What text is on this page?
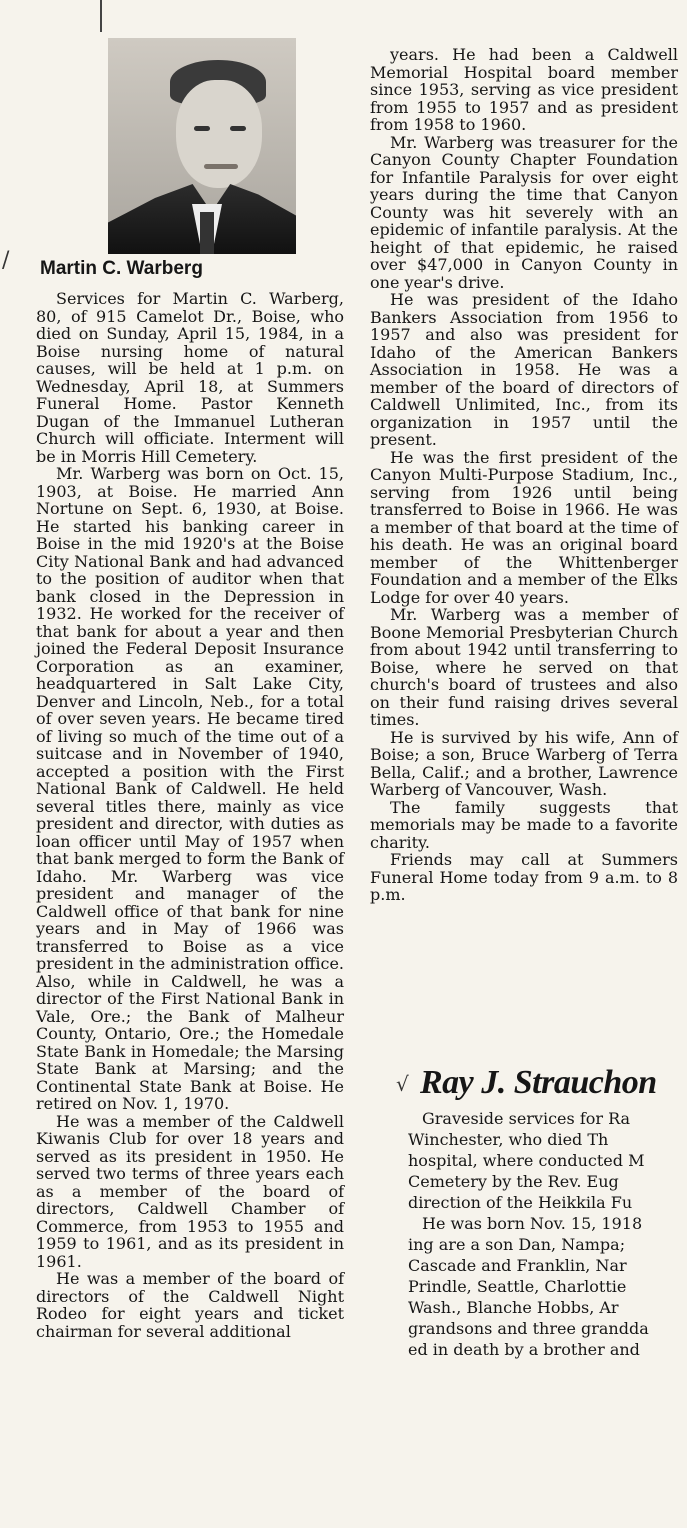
/ Martin C. Warberg

Services for Martin C. Warberg, 80, of 915 Camelot Dr., Boise, who died on Sunday, April 15, 1984, in a Boise nursing home of natural causes, will be held at 1 p.m. on Wednesday, April 18, at Summers Funeral Home. Pastor Kenneth Dugan of the Immanuel Lutheran Church will officiate. Interment will be in Morris Hill Cemetery.

Mr. Warberg was born on Oct. 15, 1903, at Boise. He married Ann Nortune on Sept. 6, 1930, at Boise. He started his banking career in Boise in the mid 1920's at the Boise City National Bank and had advanced to the position of auditor when that bank closed in the Depression in 1932. He worked for the receiver of that bank for about a year and then joined the Federal Deposit Insurance Corporation as an examiner, headquartered in Salt Lake City, Denver and Lincoln, Neb., for a total of over seven years. He became tired of living so much of the time out of a suitcase and in November of 1940, accepted a position with the First National Bank of Caldwell. He held several titles there, mainly as vice president and director, with duties as loan officer until May of 1957 when that bank merged to form the Bank of Idaho. Mr. Warberg was vice president and manager of the Caldwell office of that bank for nine years and in May of 1966 was transferred to Boise as a vice president in the administration office. Also, while in Caldwell, he was a director of the First National Bank in Vale, Ore.; the Bank of Malheur County, Ontario, Ore.; the Homedale State Bank in Homedale; the Marsing State Bank at Marsing; and the Continental State Bank at Boise. He retired on Nov. 1, 1970.

He was a member of the Caldwell Kiwanis Club for over 18 years and served as its president in 1950. He served two terms of three years each as a member of the board of directors, Caldwell Chamber of Commerce, from 1953 to 1955 and 1959 to 1961, and as its president in 1961.

He was a member of the board of directors of the Caldwell Night Rodeo for eight years and ticket chairman for several additional

years. He had been a Caldwell Memorial Hospital board member since 1953, serving as vice president from 1955 to 1957 and as president from 1958 to 1960.

Mr. Warberg was treasurer for the Canyon County Chapter Foundation for Infantile Paralysis for over eight years during the time that Canyon County was hit severely with an epidemic of infantile paralysis. At the height of that epidemic, he raised over $47,000 in Canyon County in one year's drive.

He was president of the Idaho Bankers Association from 1956 to 1957 and also was president for Idaho of the American Bankers Association in 1958. He was a member of the board of directors of Caldwell Unlimited, Inc., from its organization in 1957 until the present.

He was the first president of the Canyon Multi-Purpose Stadium, Inc., serving from 1926 until being transferred to Boise in 1966. He was a member of that board at the time of his death. He was an original board member of the Whittenberger Foundation and a member of the Elks Lodge for over 40 years.

Mr. Warberg was a member of Boone Memorial Presbyterian Church from about 1942 until transferring to Boise, where he served on that church's board of trustees and also on their fund raising drives several times.

He is survived by his wife, Ann of Boise; a son, Bruce Warberg of Terra Bella, Calif.; and a brother, Lawrence Warberg of Vancouver, Wash.

The family suggests that memorials may be made to a favorite charity.

Friends may call at Summers Funeral Home today from 9 a.m. to 8 p.m.

√ Ray J. Strauchon
Graveside services for Ra
Winchester, who died Th
hospital, where conducted M
Cemetery by the Rev. Eug
direction of the Heikkila Fu
He was born Nov. 15, 1918
ing are a son Dan, Nampa;
Cascade and Franklin, Nar
Prindle, Seattle, Charlottie
Wash., Blanche Hobbs, Ar
grandsons and three grandda
ed in death by a brother and
